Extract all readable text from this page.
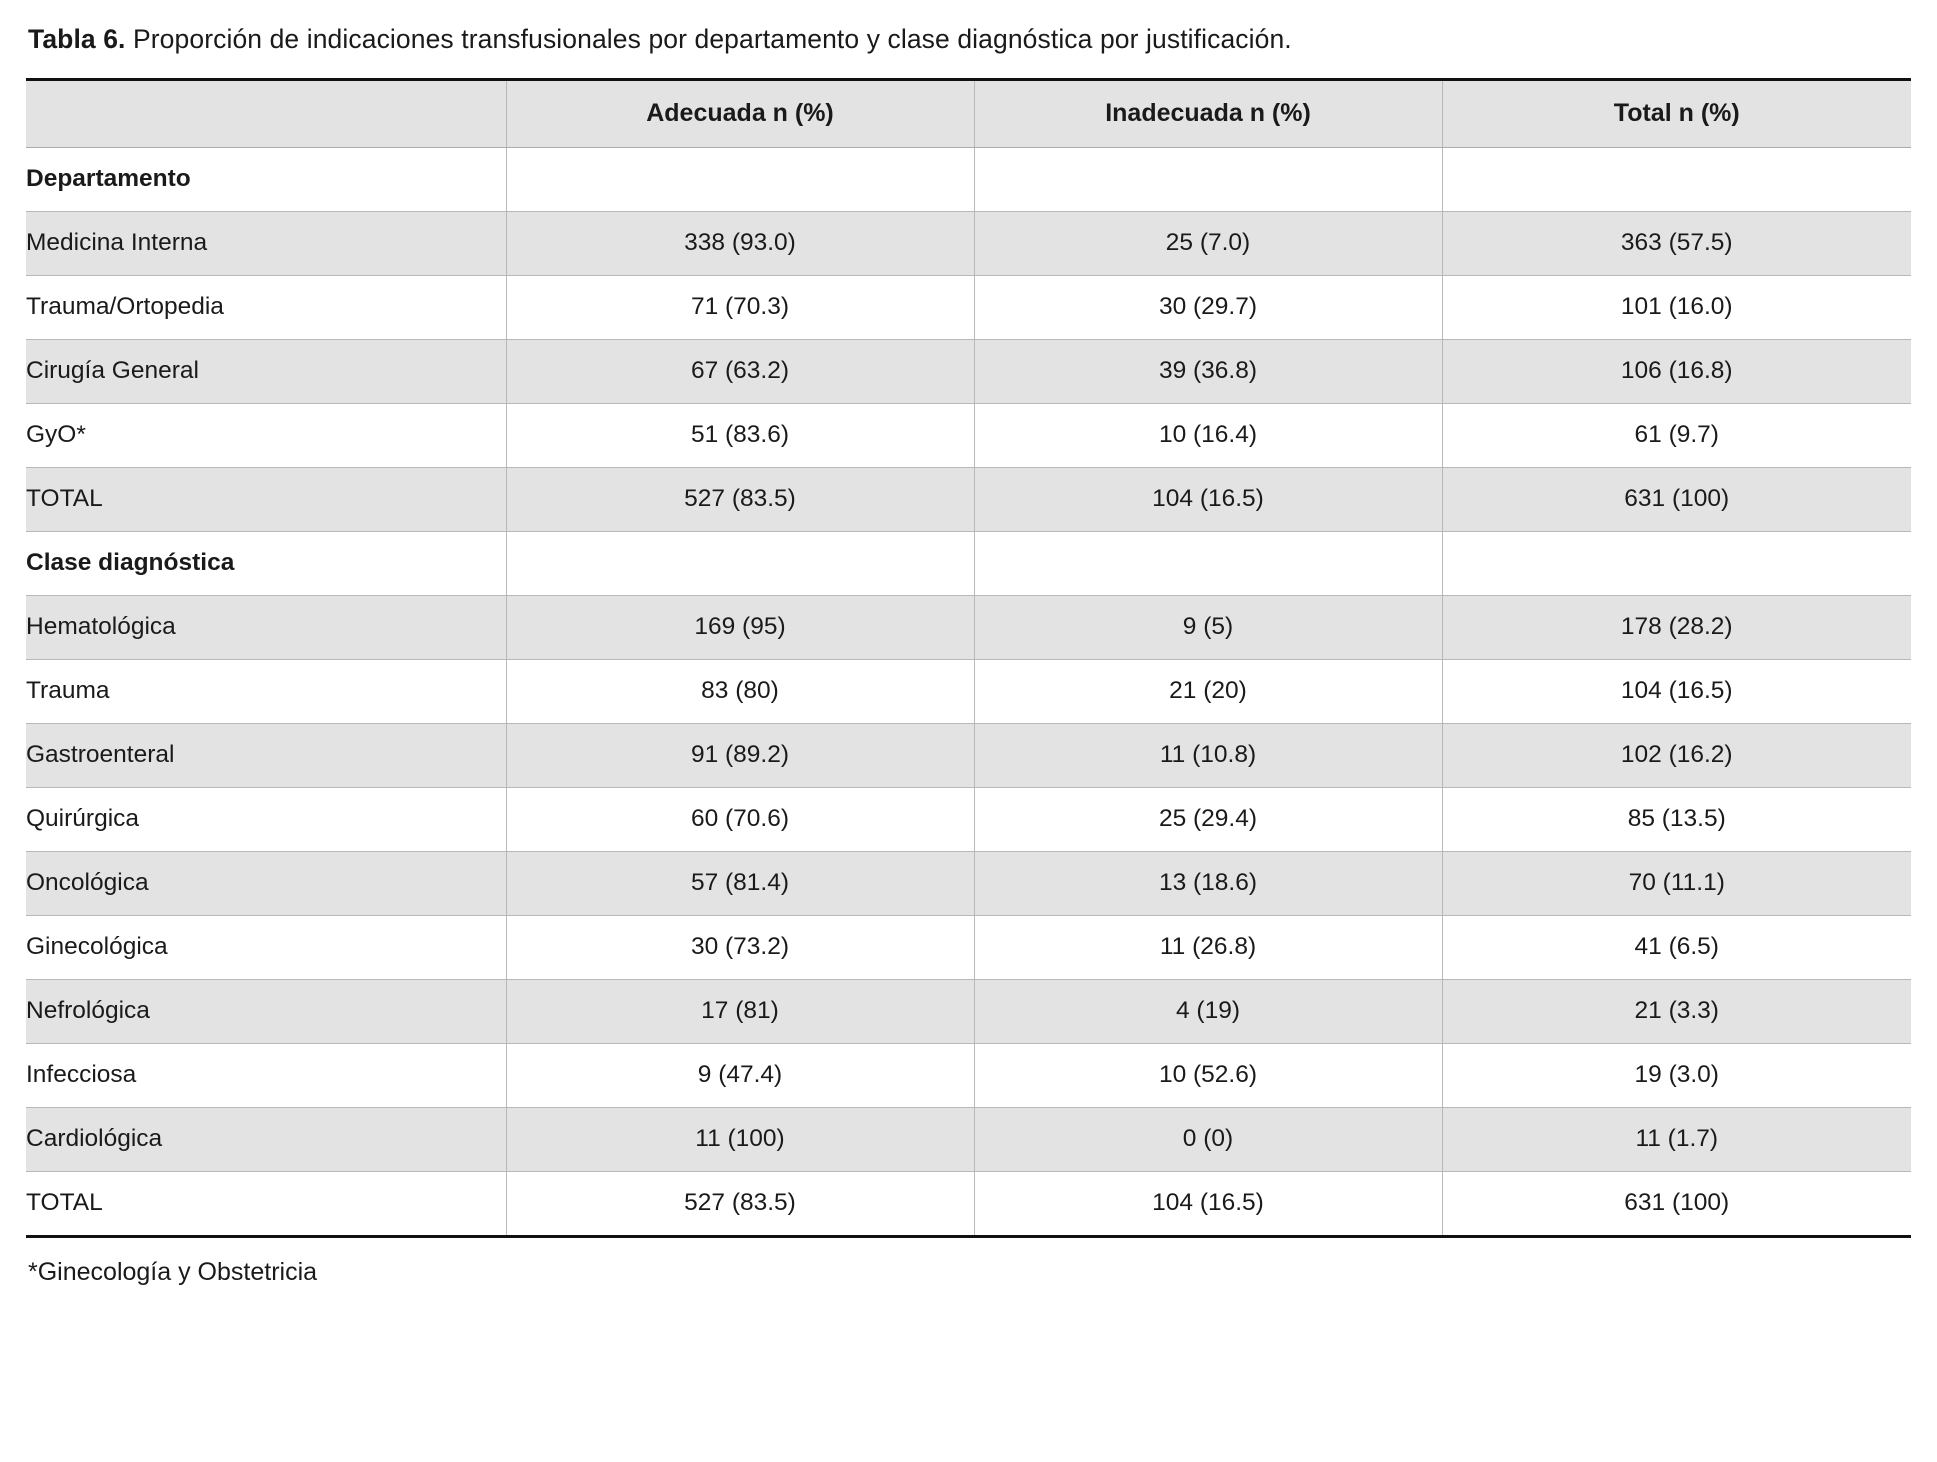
Tabla 6. Proporción de indicaciones transfusionales por departamento y clase diagnóstica por justificación.

	Adecuada n (%)	Inadecuada n (%)	Total n (%)
Departamento			
Medicina Interna	338 (93.0)	25 (7.0)	363 (57.5)
Trauma/Ortopedia	71 (70.3)	30 (29.7)	101 (16.0)
Cirugía General	67 (63.2)	39 (36.8)	106 (16.8)
GyO*	51 (83.6)	10 (16.4)	61 (9.7)
TOTAL	527 (83.5)	104 (16.5)	631 (100)
Clase diagnóstica			
Hematológica	169 (95)	9 (5)	178 (28.2)
Trauma	83 (80)	21 (20)	104 (16.5)
Gastroenteral	91 (89.2)	11 (10.8)	102 (16.2)
Quirúrgica	60 (70.6)	25 (29.4)	85 (13.5)
Oncológica	57 (81.4)	13 (18.6)	70 (11.1)
Ginecológica	30 (73.2)	11 (26.8)	41 (6.5)
Nefrológica	17 (81)	4 (19)	21 (3.3)
Infecciosa	9 (47.4)	10 (52.6)	19 (3.0)
Cardiológica	11 (100)	0 (0)	11 (1.7)
TOTAL	527 (83.5)	104 (16.5)	631 (100)

*Ginecología y Obstetricia
